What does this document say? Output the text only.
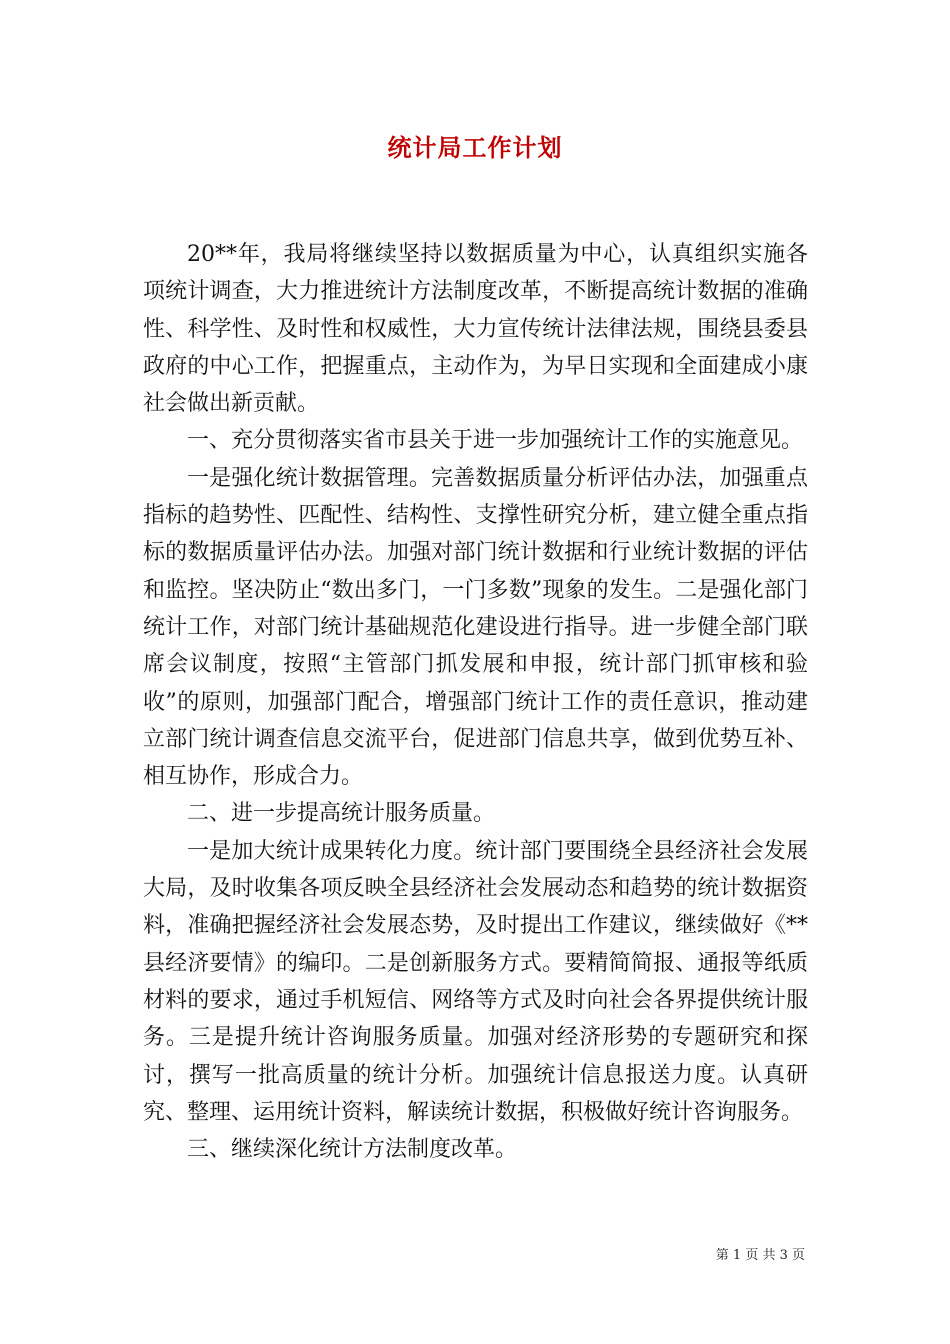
统计局工作计划

20**年，我局将继续坚持以数据质量为中心，认真组织实施各项统计调查，大力推进统计方法制度改革，不断提高统计数据的准确性、科学性、及时性和权威性，大力宣传统计法律法规，围绕县委县政府的中心工作，把握重点，主动作为，为早日实现和全面建成小康社会做出新贡献。

一、充分贯彻落实省市县关于进一步加强统计工作的实施意见。

一是强化统计数据管理。完善数据质量分析评估办法，加强重点指标的趋势性、匹配性、结构性、支撑性研究分析，建立健全重点指标的数据质量评估办法。加强对部门统计数据和行业统计数据的评估和监控。坚决防止“数出多门，一门多数”现象的发生。二是强化部门统计工作，对部门统计基础规范化建设进行指导。进一步健全部门联席会议制度，按照“主管部门抓发展和申报，统计部门抓审核和验收”的原则，加强部门配合，增强部门统计工作的责任意识，推动建立部门统计调查信息交流平台，促进部门信息共享，做到优势互补、相互协作，形成合力。

二、进一步提高统计服务质量。

一是加大统计成果转化力度。统计部门要围绕全县经济社会发展大局，及时收集各项反映全县经济社会发展动态和趋势的统计数据资料，准确把握经济社会发展态势，及时提出工作建议，继续做好《**县经济要情》的编印。二是创新服务方式。要精简简报、通报等纸质材料的要求，通过手机短信、网络等方式及时向社会各界提供统计服务。三是提升统计咨询服务质量。加强对经济形势的专题研究和探讨，撰写一批高质量的统计分析。加强统计信息报送力度。认真研究、整理、运用统计资料，解读统计数据，积极做好统计咨询服务。

三、继续深化统计方法制度改革。

第 1 页 共 3 页
